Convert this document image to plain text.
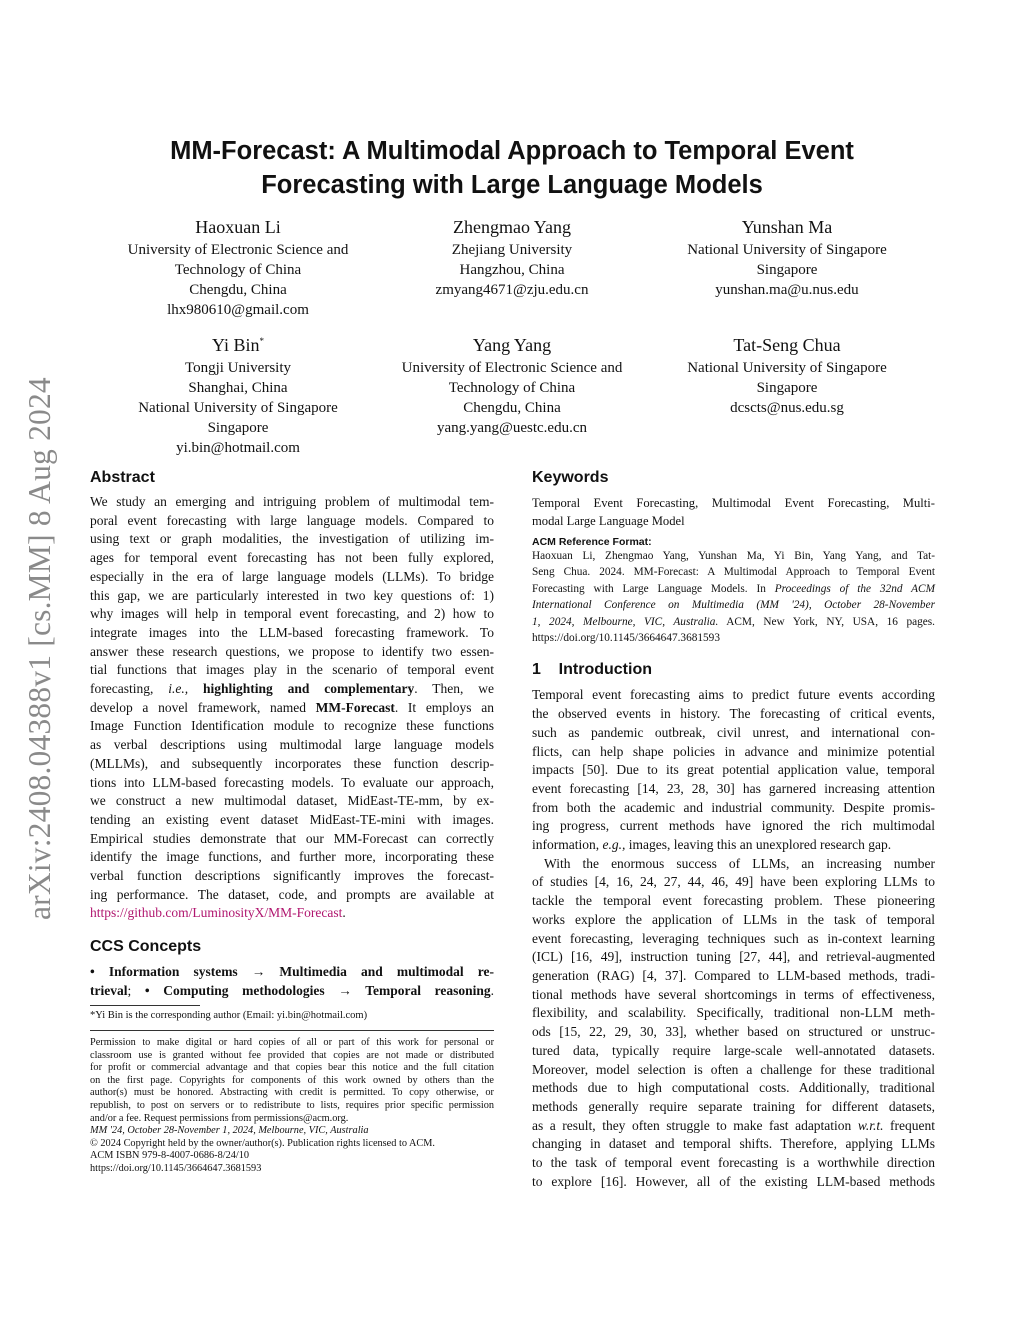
arXiv:2408.04388v1 [cs.MM] 8 Aug 2024
MM-Forecast: A Multimodal Approach to Temporal Event
Forecasting with Large Language Models
Haoxuan Li
University of Electronic Science and
Technology of China
Chengdu, China
lhx980610@gmail.com
Zhengmao Yang
Zhejiang University
Hangzhou, China
zmyang4671@zju.edu.cn
Yunshan Ma
National University of Singapore
Singapore
yunshan.ma@u.nus.edu
Yi Bin*
Tongji University
Shanghai, China
National University of Singapore
Singapore
yi.bin@hotmail.com
Yang Yang
University of Electronic Science and
Technology of China
Chengdu, China
yang.yang@uestc.edu.cn
Tat-Seng Chua
National University of Singapore
Singapore
dcscts@nus.edu.sg
Abstract
We study an emerging and intriguing problem of multimodal tem-
poral event forecasting with large language models. Compared to
using text or graph modalities, the investigation of utilizing im-
ages for temporal event forecasting has not been fully explored,
especially in the era of large language models (LLMs). To bridge
this gap, we are particularly interested in two key questions of: 1)
why images will help in temporal event forecasting, and 2) how to
integrate images into the LLM-based forecasting framework. To
answer these research questions, we propose to identify two essen-
tial functions that images play in the scenario of temporal event
forecasting, i.e., highlighting and complementary. Then, we
develop a novel framework, named MM-Forecast. It employs an
Image Function Identification module to recognize these functions
as verbal descriptions using multimodal large language models
(MLLMs), and subsequently incorporates these function descrip-
tions into LLM-based forecasting models. To evaluate our approach,
we construct a new multimodal dataset, MidEast-TE-mm, by ex-
tending an existing event dataset MidEast-TE-mini with images.
Empirical studies demonstrate that our MM-Forecast can correctly
identify the image functions, and further more, incorporating these
verbal function descriptions significantly improves the forecast-
ing performance. The dataset, code, and prompts are available at
https://github.com/LuminosityX/MM-Forecast.
CCS Concepts
• Information systems → Multimedia and multimodal re-
trieval; • Computing methodologies → Temporal reasoning.
*Yi Bin is the corresponding author (Email: yi.bin@hotmail.com)
Permission to make digital or hard copies of all or part of this work for personal or
classroom use is granted without fee provided that copies are not made or distributed
for profit or commercial advantage and that copies bear this notice and the full citation
on the first page. Copyrights for components of this work owned by others than the
author(s) must be honored. Abstracting with credit is permitted. To copy otherwise, or
republish, to post on servers or to redistribute to lists, requires prior specific permission
and/or a fee. Request permissions from permissions@acm.org.
MM '24, October 28-November 1, 2024, Melbourne, VIC, Australia
© 2024 Copyright held by the owner/author(s). Publication rights licensed to ACM.
ACM ISBN 979-8-4007-0686-8/24/10
https://doi.org/10.1145/3664647.3681593
Keywords
Temporal Event Forecasting, Multimodal Event Forecasting, Multi-
modal Large Language Model
ACM Reference Format:
Haoxuan Li, Zhengmao Yang, Yunshan Ma, Yi Bin, Yang Yang, and Tat-
Seng Chua. 2024. MM-Forecast: A Multimodal Approach to Temporal Event
Forecasting with Large Language Models. In Proceedings of the 32nd ACM
International Conference on Multimedia (MM '24), October 28-November
1, 2024, Melbourne, VIC, Australia. ACM, New York, NY, USA, 16 pages.
https://doi.org/10.1145/3664647.3681593
1    Introduction
Temporal event forecasting aims to predict future events according
the observed events in history. The forecasting of critical events,
such as pandemic outbreak, civil unrest, and international con-
flicts, can help shape policies in advance and minimize potential
impacts [50]. Due to its great potential application value, temporal
event forecasting [14, 23, 28, 30] has garnered increasing attention
from both the academic and industrial community. Despite promis-
ing progress, current methods have ignored the rich multimodal
information, e.g., images, leaving this an unexplored research gap.
With the enormous success of LLMs, an increasing number
of studies [4, 16, 24, 27, 44, 46, 49] have been exploring LLMs to
tackle the temporal event forecasting problem. These pioneering
works explore the application of LLMs in the task of temporal
event forecasting, leveraging techniques such as in-context learning
(ICL) [16, 49], instruction tuning [27, 44], and retrieval-augmented
generation (RAG) [4, 37]. Compared to LLM-based methods, tradi-
tional methods have several shortcomings in terms of effectiveness,
flexibility, and scalability. Specifically, traditional non-LLM meth-
ods [15, 22, 29, 30, 33], whether based on structured or unstruc-
tured data, typically require large-scale well-annotated datasets.
Moreover, model selection is often a challenge for these traditional
methods due to high computational costs. Additionally, traditional
methods generally require separate training for different datasets,
as a result, they often struggle to make fast adaptation w.r.t. frequent
changing in dataset and temporal shifts. Therefore, applying LLMs
to the task of temporal event forecasting is a worthwhile direction
to explore [16]. However, all of the existing LLM-based methods
